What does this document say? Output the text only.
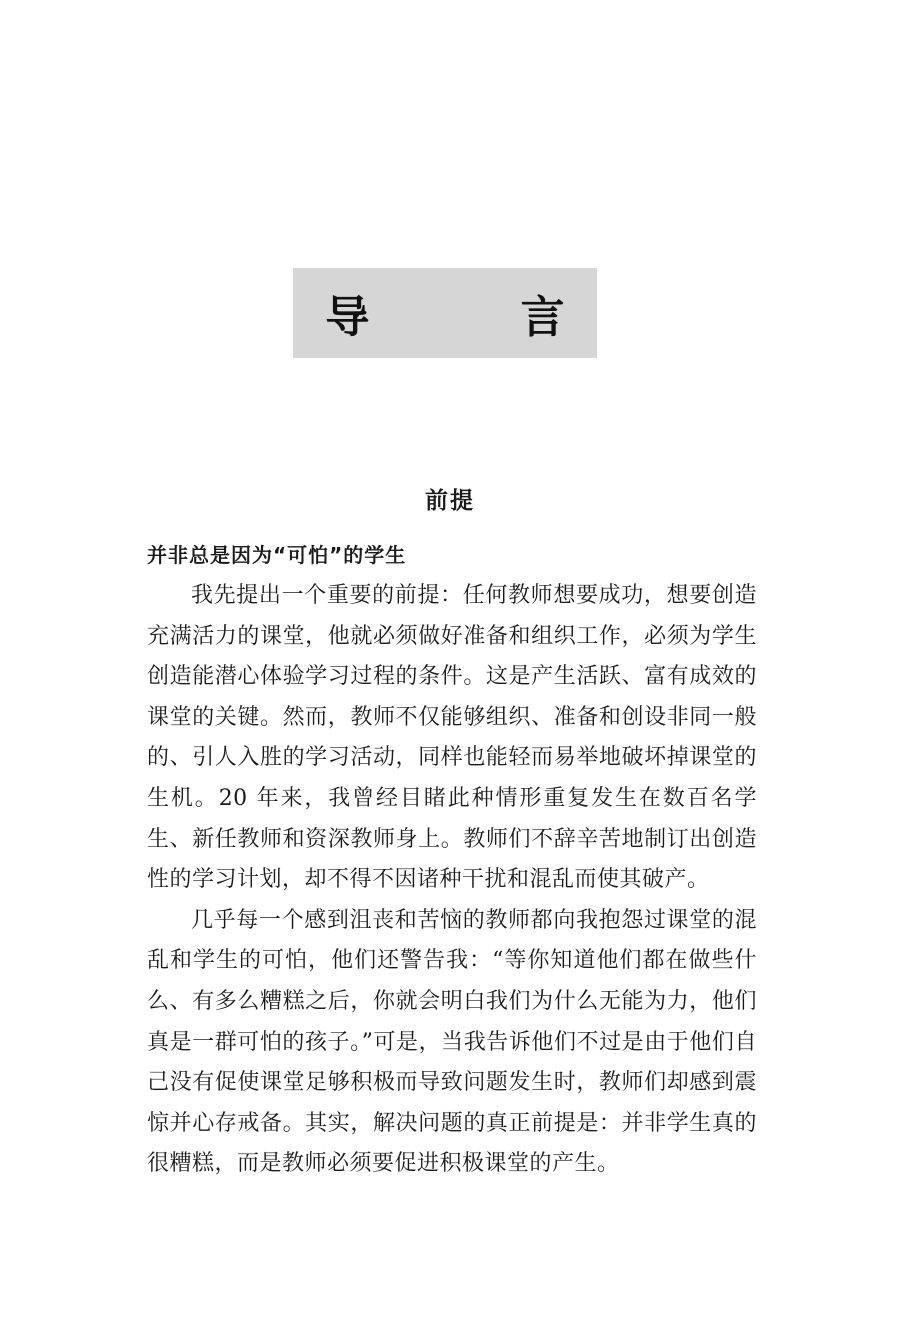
导 言
前提
并非总是因为“可怕”的学生

我先提出一个重要的前提：任何教师想要成功，想要创造充满活力的课堂，他就必须做好准备和组织工作，必须为学生创造能潜心体验学习过程的条件。这是产生活跃、富有成效的课堂的关键。然而，教师不仅能够组织、准备和创设非同一般的、引人入胜的学习活动，同样也能轻而易举地破坏掉课堂的生机。20 年来，我曾经目睹此种情形重复发生在数百名学生、新任教师和资深教师身上。教师们不辞辛苦地制订出创造性的学习计划，却不得不因诸种干扰和混乱而使其破产。

几乎每一个感到沮丧和苦恼的教师都向我抱怨过课堂的混乱和学生的可怕，他们还警告我：“等你知道他们都在做些什么、有多么糟糕之后，你就会明白我们为什么无能为力，他们真是一群可怕的孩子。”可是，当我告诉他们不过是由于他们自己没有促使课堂足够积极而导致问题发生时，教师们却感到震惊并心存戒备。其实，解决问题的真正前提是：并非学生真的很糟糕，而是教师必须要促进积极课堂的产生。
